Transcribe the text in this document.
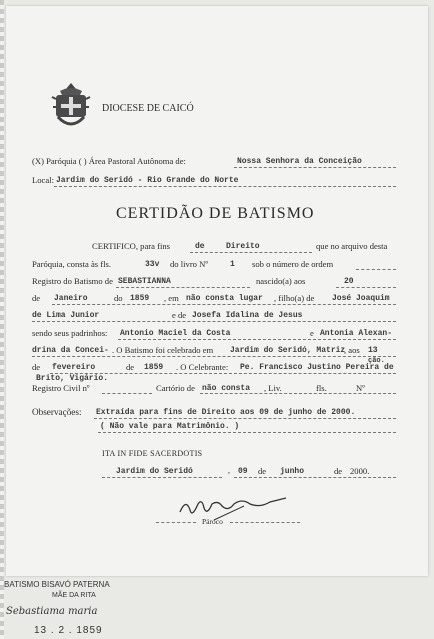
DIOCESE DE CAICÓ
(X) Paróquia ( ) Área Pastoral Autônoma de:	Nossa Senhora da Conceição
Local: Jardim do Seridó - Rio Grande do Norte
CERTIDÃO DE BATISMO
CERTIFICO, para fins	de	Direito	que no arquivo desta
Paróquia, consta às fls.	33v do livro Nº	1 sob o número de ordem
Registro do Batismo de SEBASTIANNA	nascido(a) aos	20
de Janeiro	do 1859 , em não consta lugar , filho(a) de José Joaquim
de Lima Junior	e de Josefa Idalina de Jesus
sendo seus padrinhos: Antonio Maciel da Costa	e Antonia Alexan-
drina da Concei- . O Batismo foi celebrado em Jardim do Seridó, Matriz
, aos 13
ção.
de fevereiro	de 1859 . O Celebrante: Pe. Francisco Justino Pereira de
Brito, Vigário.
Registro Civil nº	Cartório de não consta , Liv.	fls.	Nº
Observações: Extraída para fins de Direito aos 09 de junho de 2000.
( Não vale para Matrimônio. )
ITA IN FIDE SACERDOTIS
Jardim do Seridó	, 09 de junho	de 2000.
Pároco
BATISMO BISAVÓ PATERNA
MÃE DA RITA
Sebastiama maria
13 . 2 . 1859
